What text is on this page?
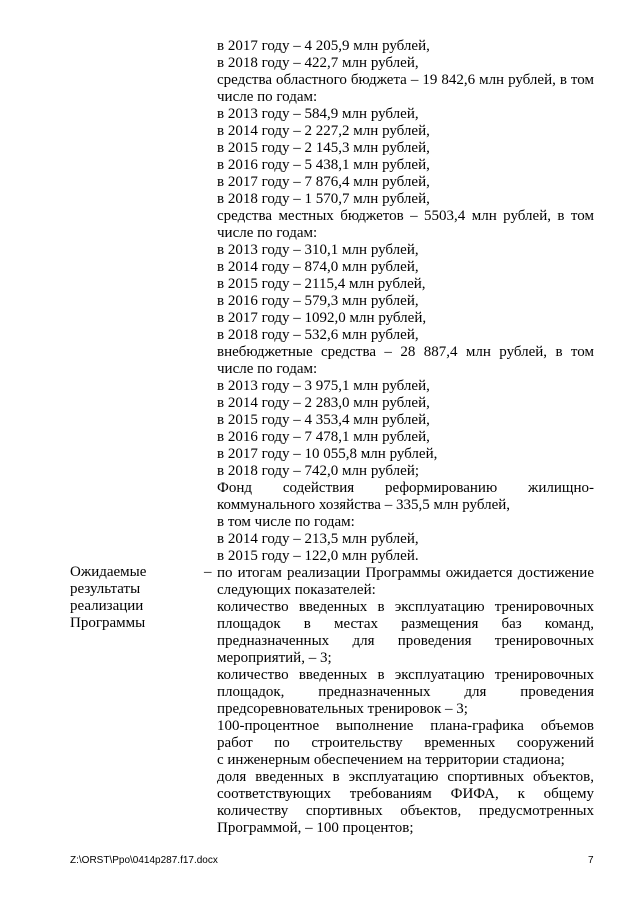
в 2017 году – 4 205,9 млн рублей,
в 2018 году – 422,7 млн рублей,
средства областного бюджета – 19 842,6 млн рублей, в том
числе по годам:
в 2013 году – 584,9 млн рублей,
в 2014 году – 2 227,2 млн рублей,
в 2015 году – 2 145,3 млн рублей,
в 2016 году – 5 438,1 млн рублей,
в 2017 году – 7 876,4 млн рублей,
в 2018 году – 1 570,7 млн рублей,
средства местных бюджетов – 5503,4 млн рублей, в том
числе по годам:
в 2013 году – 310,1 млн рублей,
в 2014 году – 874,0 млн рублей,
в 2015 году – 2115,4 млн рублей,
в 2016 году – 579,3 млн рублей,
в 2017 году – 1092,0 млн рублей,
в 2018 году – 532,6 млн рублей,
внебюджетные средства – 28 887,4 млн рублей, в том
числе по годам:
в 2013 году – 3 975,1 млн рублей,
в 2014 году – 2 283,0 млн рублей,
в 2015 году – 4 353,4 млн рублей,
в 2016 году – 7 478,1 млн рублей,
в 2017 году – 10 055,8 млн рублей,
в 2018 году – 742,0 млн рублей;
Фонд содействия реформированию жилищно-
коммунального хозяйства – 335,5 млн рублей,
в том числе по годам:
в 2014 году – 213,5 млн рублей,
в 2015 году – 122,0 млн рублей.
по итогам реализации Программы ожидается достижение
следующих показателей:
количество введенных в эксплуатацию тренировочных
площадок в местах размещения баз команд,
предназначенных для проведения тренировочных
мероприятий, – 3;
количество введенных в эксплуатацию тренировочных
площадок, предназначенных для проведения
предсоревновательных тренировок – 3;
100-процентное выполнение плана-графика объемов
работ по строительству временных сооружений
с инженерным обеспечением на территории стадиона;
доля введенных в эксплуатацию спортивных объектов,
соответствующих требованиям ФИФА, к общему
количеству спортивных объектов, предусмотренных
Программой, – 100 процентов;
Ожидаемые
результаты
реализации
Программы
–
Z:\ORST\Ppo\0414p287.f17.docx	7
